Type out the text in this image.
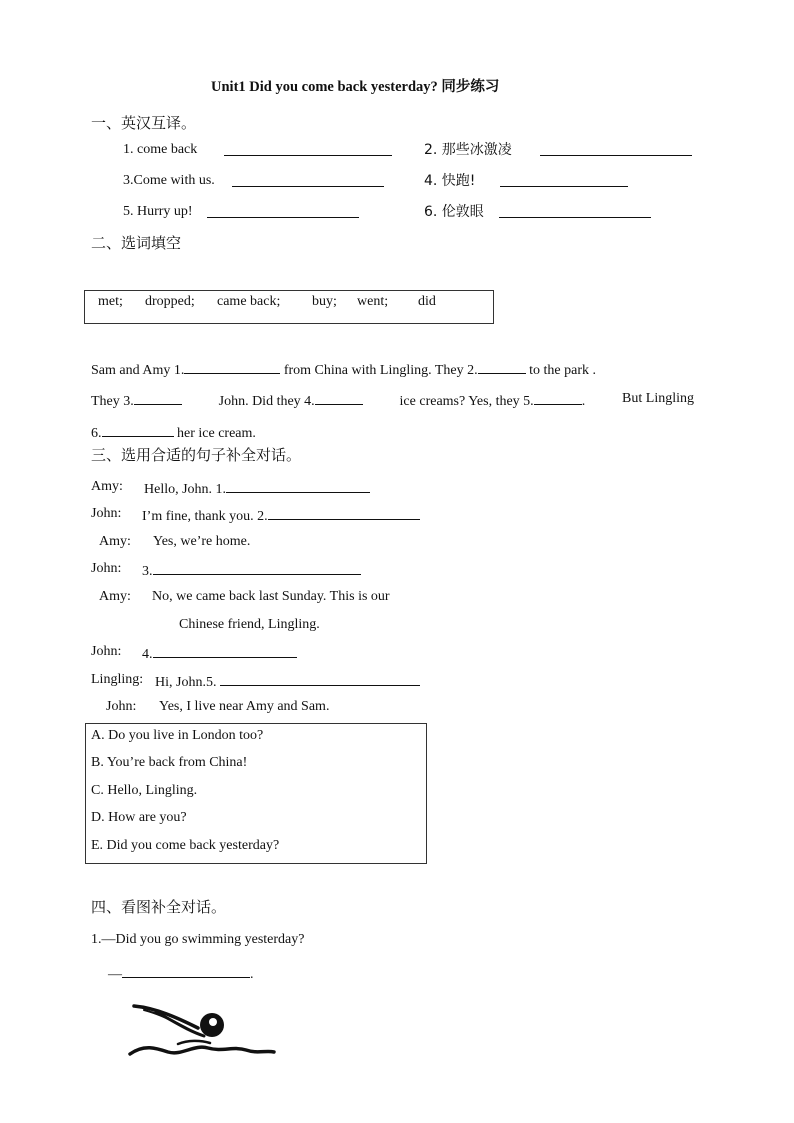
Unit1 Did you come back yesterday? 同步练习
一、英汉互译。
1. come back	2. 那些冰激凌
3.Come with us.	4. 快跑!
5. Hurry up!	6. 伦敦眼
二、选词填空
met; dropped; came back; buy; went; did
Sam and Amy 1.	from China with Lingling. They 2.	to the park .
They 3.	John. Did they 4.	ice creams? Yes, they 5.	.	But Lingling
6.	her ice cream.
三、选用合适的句子补全对话。
Amy: Hello, John. 1.
John: I’m fine, thank you. 2.
Amy: Yes, we’re home.
John: 3.
Amy: No, we came back last Sunday. This is our
Chinese friend, Lingling.
John: 4.
Lingling: Hi, John.5.
John: Yes, I live near Amy and Sam.
A. Do you live in London too?
B. You’re back from China!
C. Hello, Lingling.
D. How are you?
E. Did you come back yesterday?
四、看图补全对话。
1.—Did you go swimming yesterday?
—	.
